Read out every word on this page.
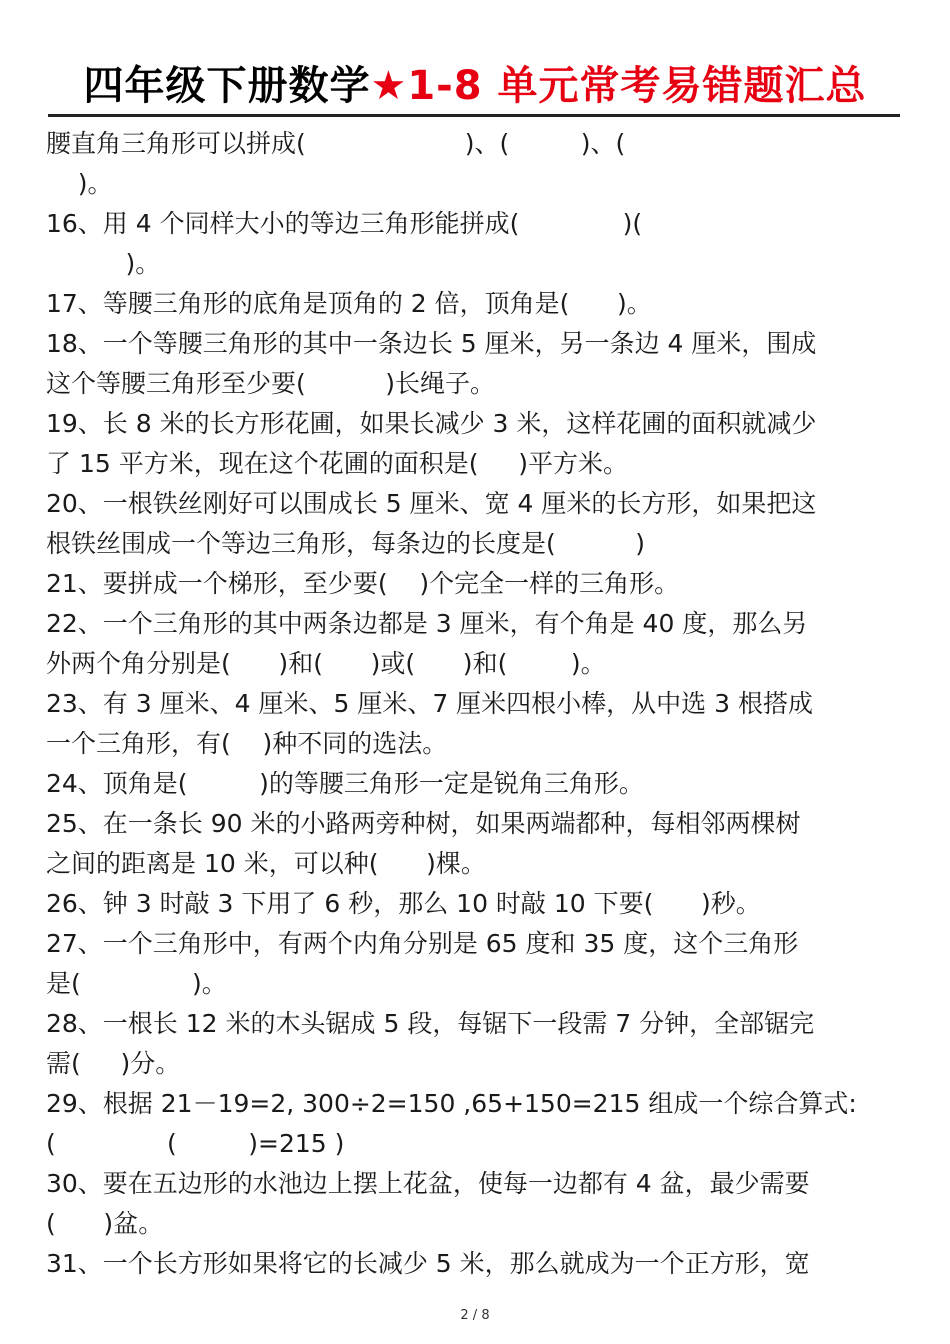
四年级下册数学★1-8 单元常考易错题汇总
腰直角三角形可以拼成(                    )、(         )、(
)。
16、用 4 个同样大小的等边三角形能拼成(             )(
)。
17、等腰三角形的底角是顶角的 2 倍，顶角是(      )。
18、一个等腰三角形的其中一条边长 5 厘米，另一条边 4 厘米，围成
这个等腰三角形至少要(          )长绳子。
19、长 8 米的长方形花圃，如果长减少 3 米，这样花圃的面积就减少
了 15 平方米，现在这个花圃的面积是(     )平方米。
20、一根铁丝刚好可以围成长 5 厘米、宽 4 厘米的长方形，如果把这
根铁丝围成一个等边三角形，每条边的长度是(          )
21、要拼成一个梯形，至少要(    )个完全一样的三角形。
22、一个三角形的其中两条边都是 3 厘米，有个角是 40 度，那么另
外两个角分别是(      )和(      )或(      )和(        )。
23、有 3 厘米、4 厘米、5 厘米、7 厘米四根小棒，从中选 3 根搭成
一个三角形，有(    )种不同的选法。
24、顶角是(         )的等腰三角形一定是锐角三角形。
25、在一条长 90 米的小路两旁种树，如果两端都种，每相邻两棵树
之间的距离是 10 米，可以种(      )棵。
26、钟 3 时敲 3 下用了 6 秒，那么 10 时敲 10 下要(      )秒。
27、一个三角形中，有两个内角分别是 65 度和 35 度，这个三角形
是(              )。
28、一根长 12 米的木头锯成 5 段，每锯下一段需 7 分钟，全部锯完
需(     )分。
29、根据 21－19=2, 300÷2=150 ,65+150=215 组成一个综合算式:
(              (         )=215 )
30、要在五边形的水池边上摆上花盆，使每一边都有 4 盆，最少需要
(      )盆。
31、一个长方形如果将它的长减少 5 米，那么就成为一个正方形，宽
2 / 8
